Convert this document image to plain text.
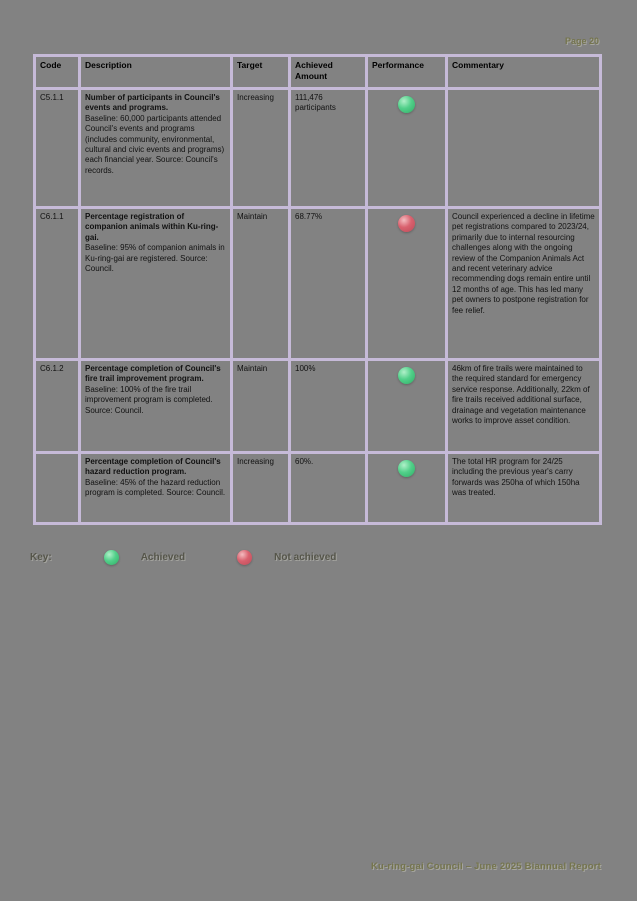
Page 20
Code	Description	Target	Achieved Amount	Performance	Commentary
C5.1.1	Number of participants in Council's events and programs.
Baseline: 60,000 participants attended Council's events and programs (includes community, environmental, cultural and civic events and programs) each financial year. Source: Council's records.	Increasing	111,476 participants	

C6.1.1	Percentage registration of companion animals within Ku-ring-gai.
Baseline: 95% of companion animals in Ku-ring-gai are registered. Source: Council.	Maintain	68.77%		Council experienced a decline in lifetime pet registrations compared to 2023/24, primarily due to internal resourcing challenges along with the ongoing review of the Companion Animals Act and recent veterinary advice recommending dogs remain entire until 12 months of age. This has led many pet owners to postpone registration for fee relief.
C6.1.2	Percentage completion of Council's fire trail improvement program.
Baseline: 100% of the fire trail improvement program is completed. Source: Council.	Maintain	100%		46km of fire trails were maintained to the required standard for emergency service response. Additionally, 22km of fire trails received additional surface, drainage and vegetation maintenance works to improve asset condition.

	Percentage completion of Council's hazard reduction program.
Baseline: 45% of the hazard reduction program is completed. Source: Council.	Increasing	60%.		The total HR program for 24/25 including the previous year's carry forwards was 250ha of which 150ha was treated.
Key:	Achieved	Not achieved
Ku-ring-gai Council – June 2025 Biannual Report
